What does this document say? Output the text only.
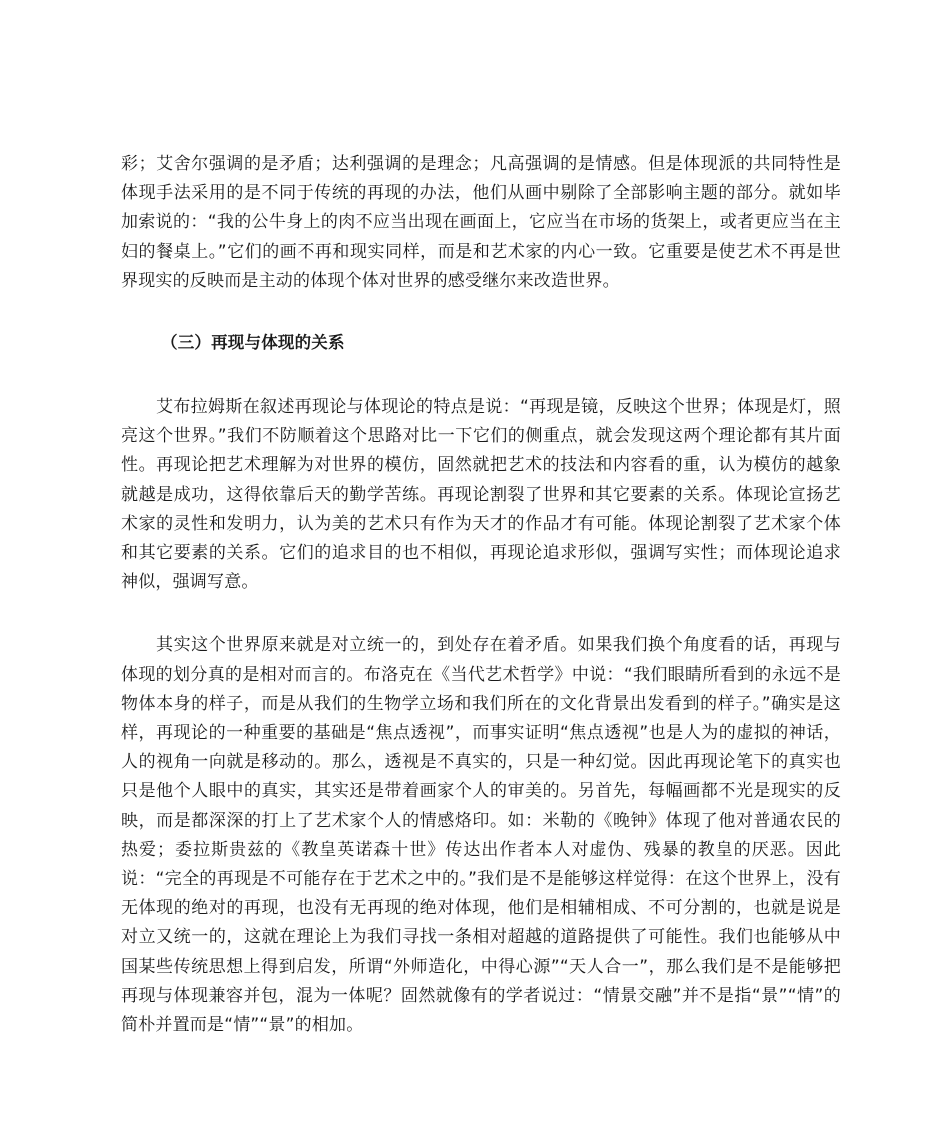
彩；艾舍尔强调的是矛盾；达利强调的是理念；凡高强调的是情感。但是体现派的共同特性是体现手法采用的是不同于传统的再现的办法，他们从画中剔除了全部影响主题的部分。就如毕加索说的：“我的公牛身上的肉不应当出现在画面上，它应当在市场的货架上，或者更应当在主妇的餐桌上。”它们的画不再和现实同样，而是和艺术家的内心一致。它重要是使艺术不再是世界现实的反映而是主动的体现个体对世界的感受继尔来改造世界。

（三）再现与体现的关系

艾布拉姆斯在叙述再现论与体现论的特点是说：“再现是镜，反映这个世界；体现是灯，照亮这个世界。”我们不防顺着这个思路对比一下它们的侧重点，就会发现这两个理论都有其片面性。再现论把艺术理解为对世界的模仿，固然就把艺术的技法和内容看的重，认为模仿的越象就越是成功，这得依靠后天的勤学苦练。再现论割裂了世界和其它要素的关系。体现论宣扬艺术家的灵性和发明力，认为美的艺术只有作为天才的作品才有可能。体现论割裂了艺术家个体和其它要素的关系。它们的追求目的也不相似，再现论追求形似，强调写实性；而体现论追求神似，强调写意。

其实这个世界原来就是对立统一的，到处存在着矛盾。如果我们换个角度看的话，再现与体现的划分真的是相对而言的。布洛克在《当代艺术哲学》中说：“我们眼睛所看到的永远不是物体本身的样子，而是从我们的生物学立场和我们所在的文化背景出发看到的样子。”确实是这样，再现论的一种重要的基础是“焦点透视”，而事实证明“焦点透视”也是人为的虚拟的神话，人的视角一向就是移动的。那么，透视是不真实的，只是一种幻觉。因此再现论笔下的真实也只是他个人眼中的真实，其实还是带着画家个人的审美的。另首先，每幅画都不光是现实的反映，而是都深深的打上了艺术家个人的情感烙印。如：米勒的《晚钟》体现了他对普通农民的热爱；委拉斯贵兹的《教皇英诺森十世》传达出作者本人对虚伪、残暴的教皇的厌恶。因此说：“完全的再现是不可能存在于艺术之中的。”我们是不是能够这样觉得：在这个世界上，没有无体现的绝对的再现，也没有无再现的绝对体现，他们是相辅相成、不可分割的，也就是说是对立又统一的，这就在理论上为我们寻找一条相对超越的道路提供了可能性。我们也能够从中国某些传统思想上得到启发，所谓“外师造化，中得心源”“天人合一”，那么我们是不是能够把再现与体现兼容并包，混为一体呢？固然就像有的学者说过：“情景交融”并不是指“景”“情”的简朴并置而是“情”“景”的相加。
